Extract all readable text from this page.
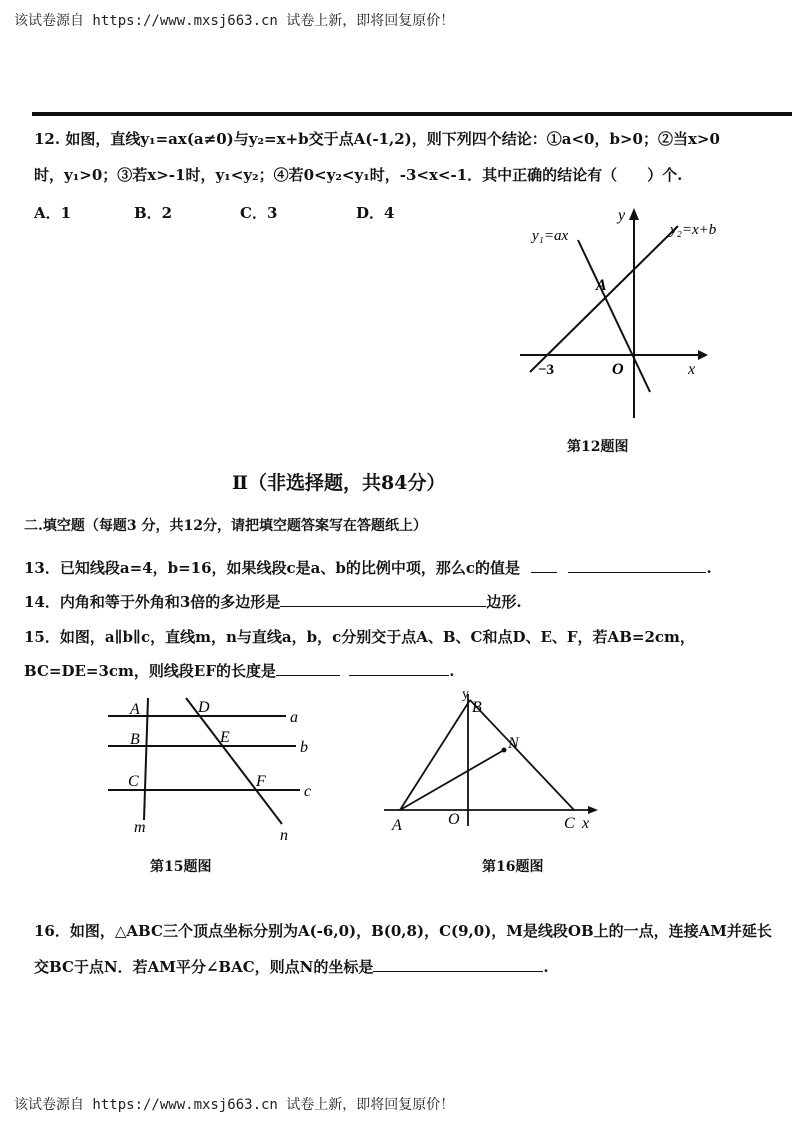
该试卷源自 https://www.mxsj663.cn 试卷上新，即将回复原价！
12. 如图，直线y₁=ax(a≠0)与y₂=x+b交于点A(-1,2)，则下列四个结论：①a<0，b>0；②当x>0
时，y₁>0；③若x>-1时，y₁<y₂；④若0<y₂<y₁时，-3<x<-1．其中正确的结论有（　　）个.
A．1	B．2	C．3	D．4
y₁=ax	y₂=x+b
A
−3	O	x
y
第12题图
Ⅱ（非选择题，共84分）
二.填空题（每题3 分，共12分，请把填空题答案写在答题纸上）
13．已知线段a=4，b=16，如果线段c是a、b的比例中项，那么c的值是	.
14．内角和等于外角和3倍的多边形是	边形.
15．如图，a∥b∥c，直线m，n与直线a，b，c分别交于点A、B、C和点D、E、F，若AB=2cm，
BC=DE=3cm，则线段EF的长度是	.
A	D
a
B	E
b
C	F
c
m	n
第15题图
y
B
N
A	O	C x
第16题图
16．如图，△ABC三个顶点坐标分别为A(-6,0)，B(0,8)，C(9,0)，M是线段OB上的一点，连接AM并延长
交BC于点N．若AM平分∠BAC，则点N的坐标是	.
该试卷源自 https://www.mxsj663.cn 试卷上新，即将回复原价！
